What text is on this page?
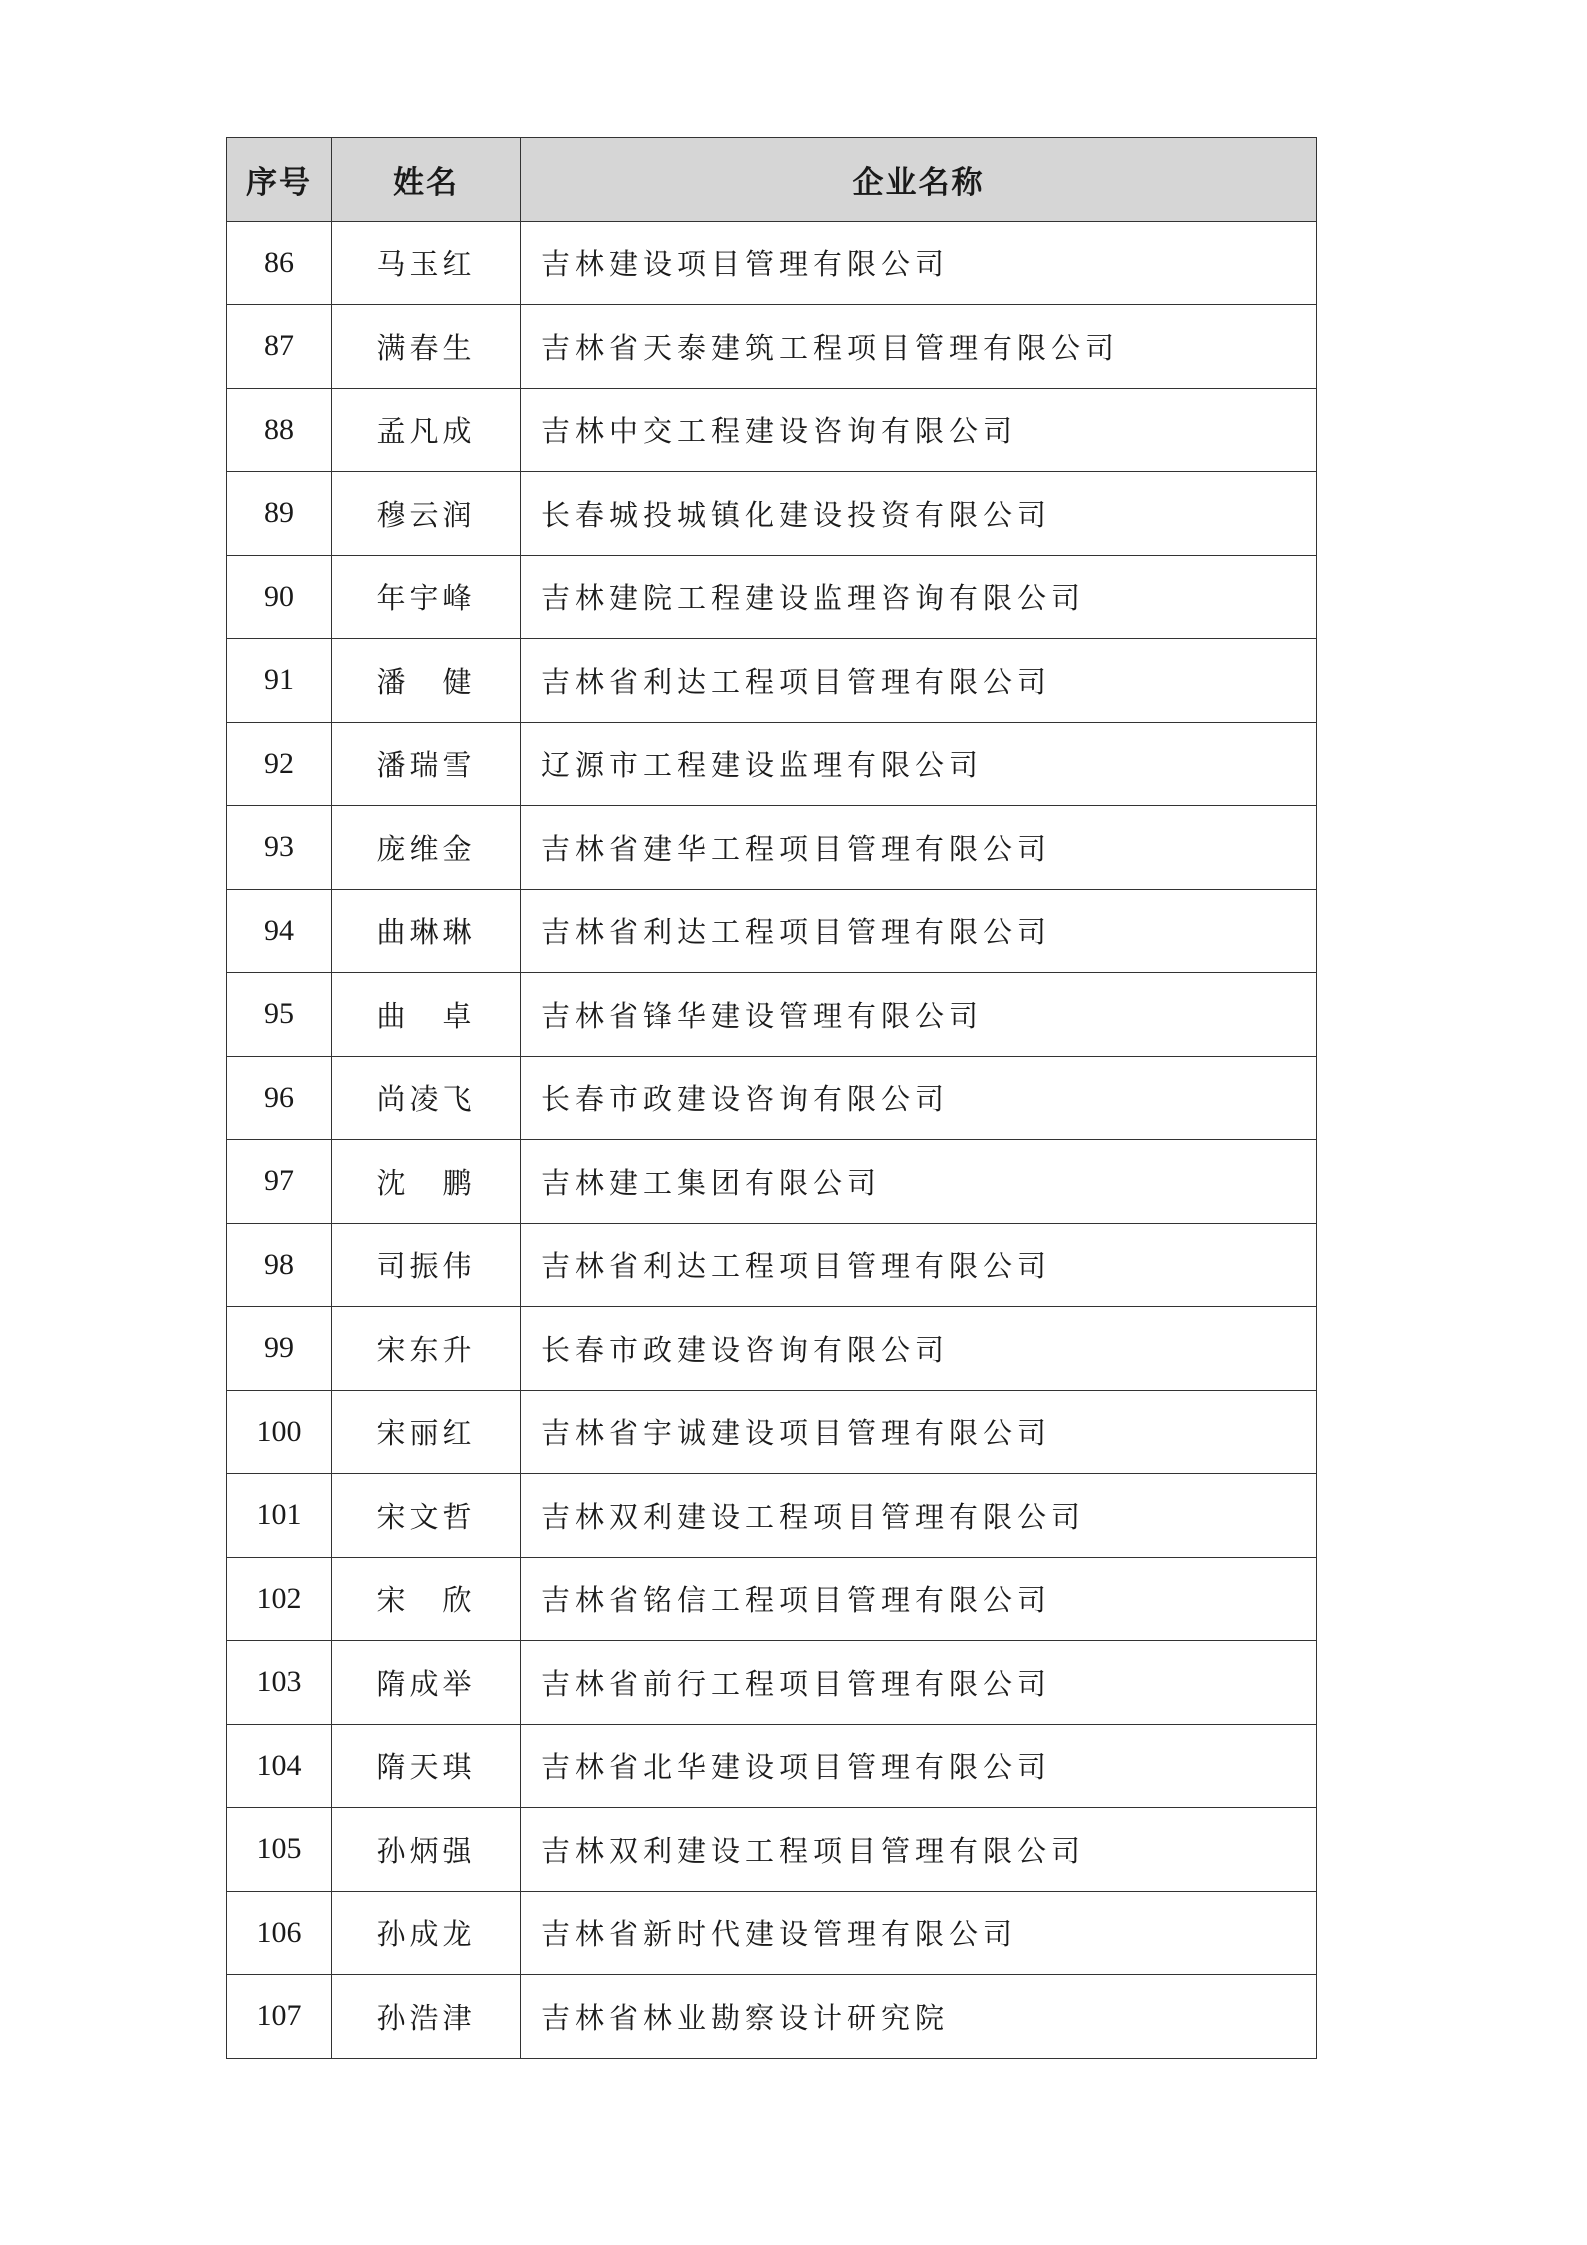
序号	姓名	企业名称
86	马玉红	吉林建设项目管理有限公司
87	满春生	吉林省天泰建筑工程项目管理有限公司
88	孟凡成	吉林中交工程建设咨询有限公司
89	穆云润	长春城投城镇化建设投资有限公司
90	年宇峰	吉林建院工程建设监理咨询有限公司
91	潘　健	吉林省利达工程项目管理有限公司
92	潘瑞雪	辽源市工程建设监理有限公司
93	庞维金	吉林省建华工程项目管理有限公司
94	曲琳琳	吉林省利达工程项目管理有限公司
95	曲　卓	吉林省锋华建设管理有限公司
96	尚凌飞	长春市政建设咨询有限公司
97	沈　鹏	吉林建工集团有限公司
98	司振伟	吉林省利达工程项目管理有限公司
99	宋东升	长春市政建设咨询有限公司
100	宋丽红	吉林省宇诚建设项目管理有限公司
101	宋文哲	吉林双利建设工程项目管理有限公司
102	宋　欣	吉林省铭信工程项目管理有限公司
103	隋成举	吉林省前行工程项目管理有限公司
104	隋天琪	吉林省北华建设项目管理有限公司
105	孙炳强	吉林双利建设工程项目管理有限公司
106	孙成龙	吉林省新时代建设管理有限公司
107	孙浩津	吉林省林业勘察设计研究院
